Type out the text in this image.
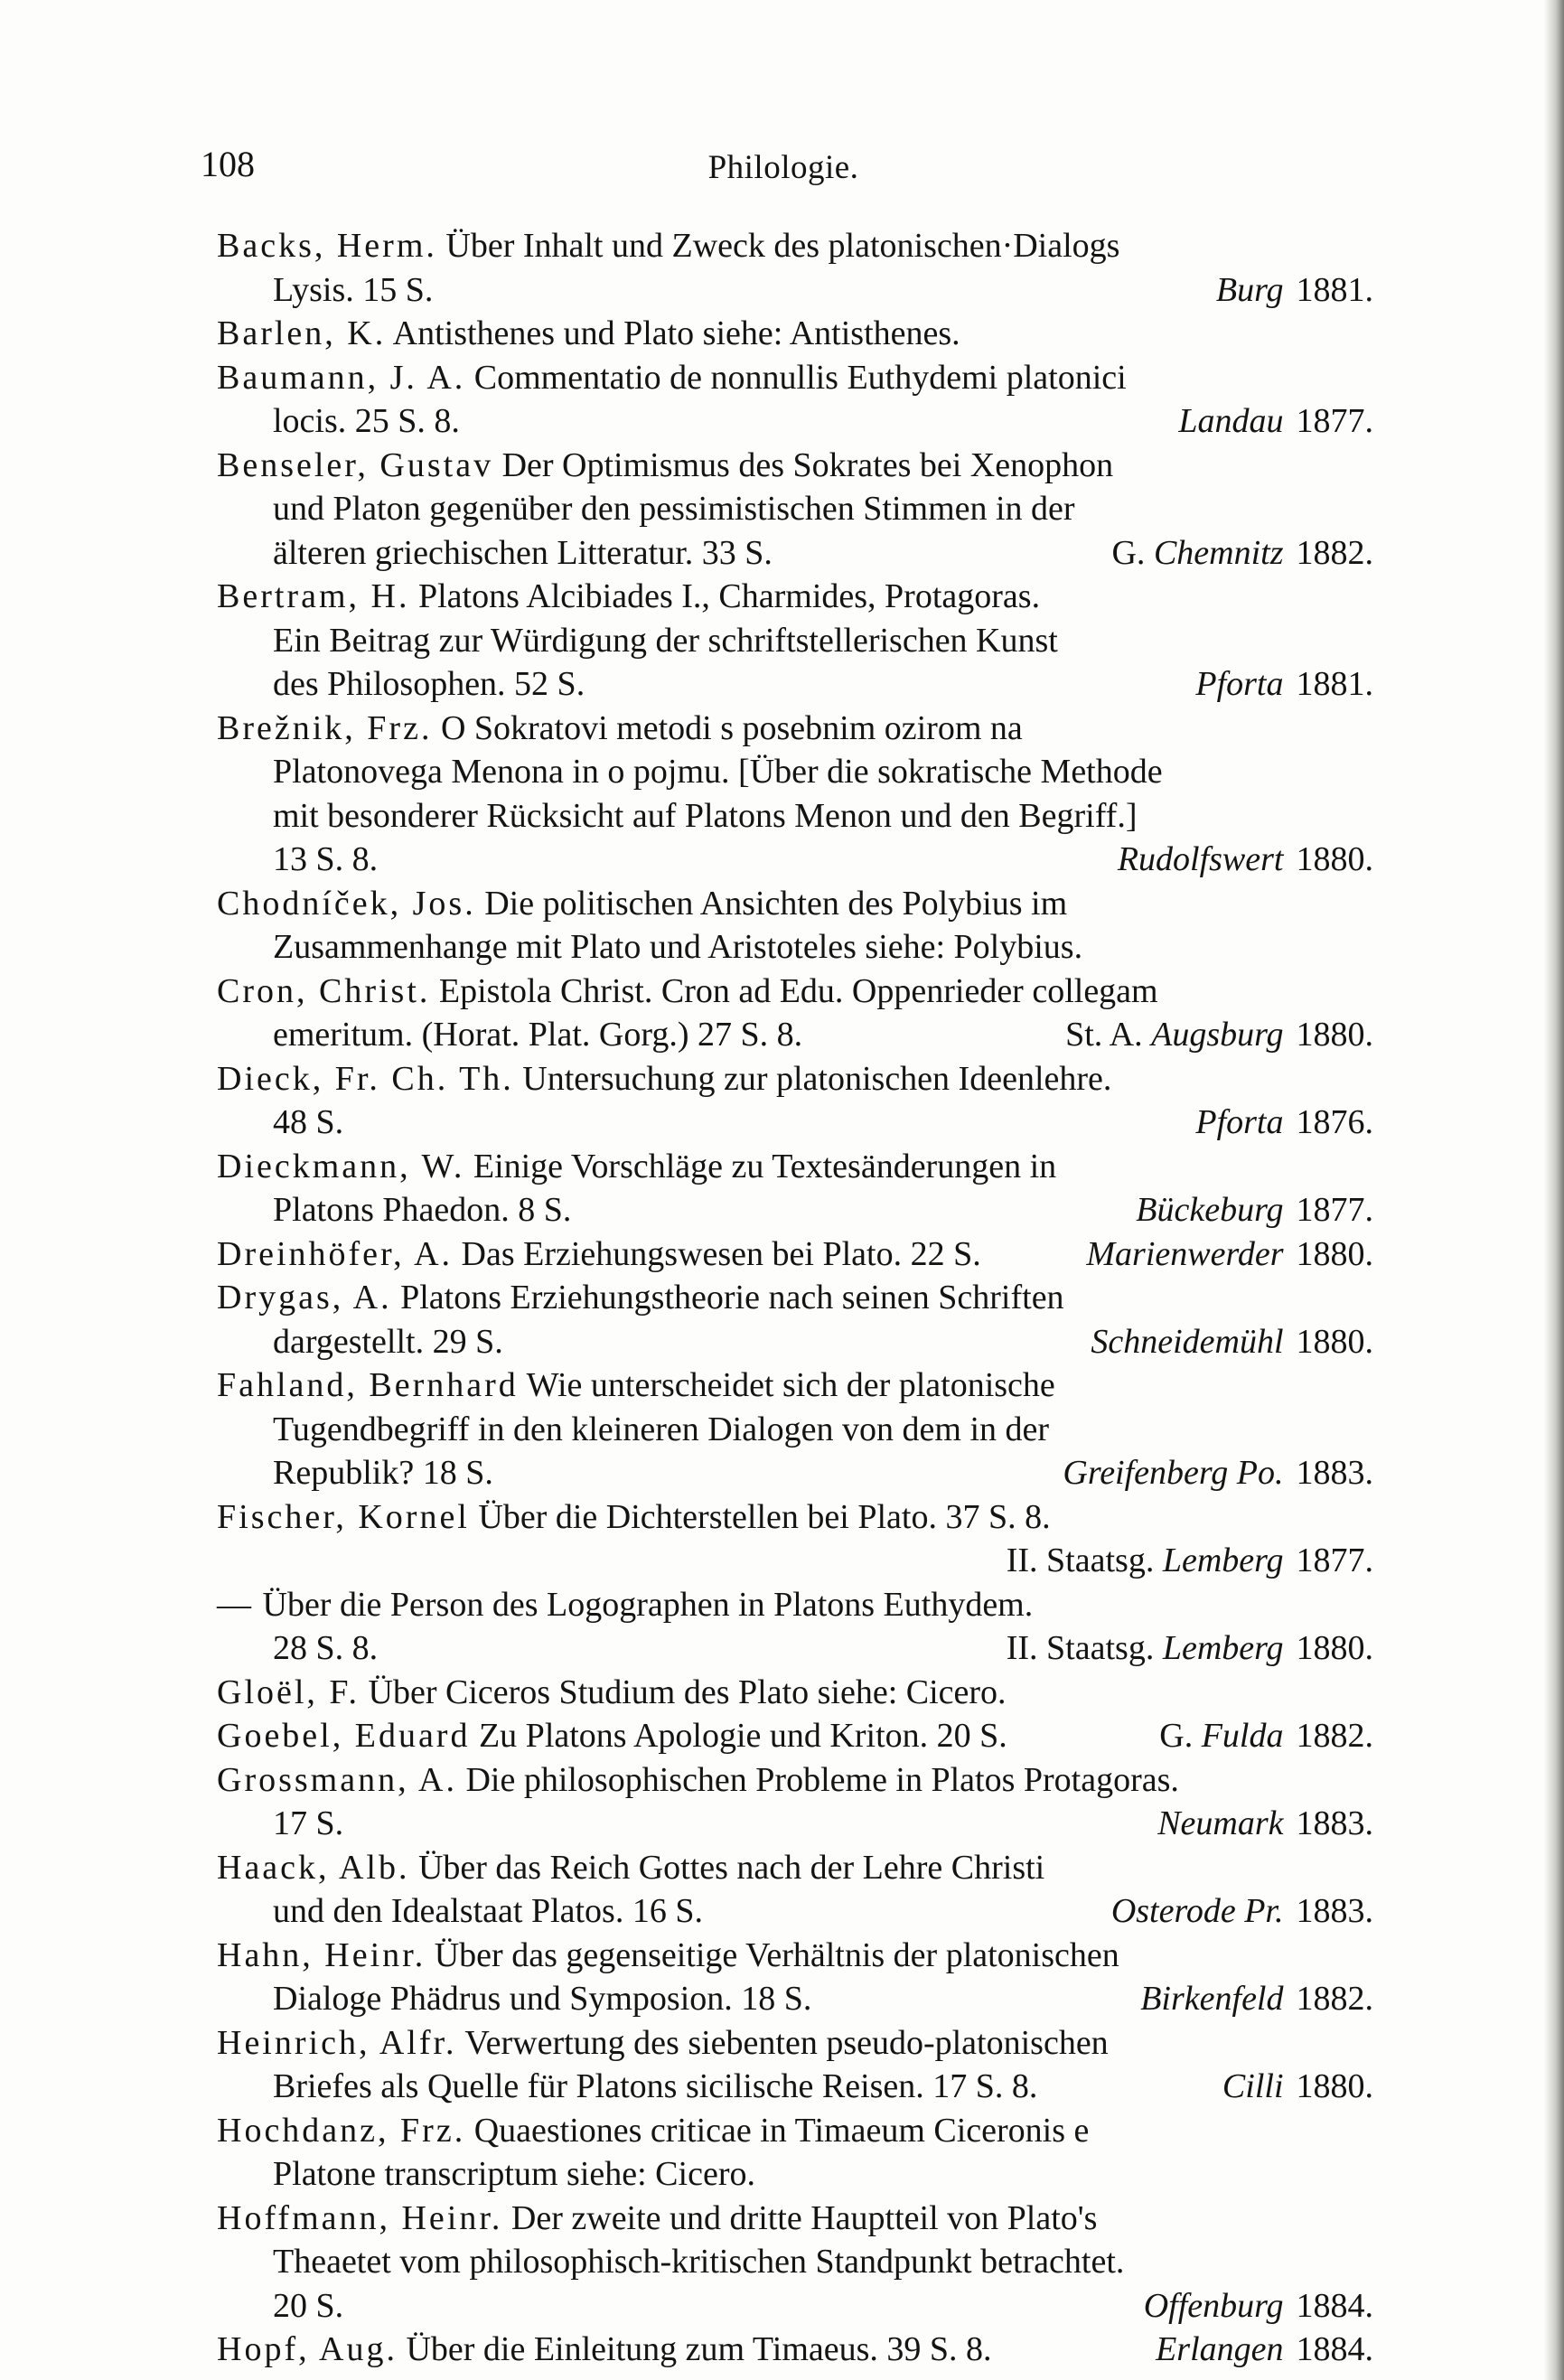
108	Philologie.
Backs, Herm. Über Inhalt und Zweck des platonischen·Dialogs
Lysis. 15 S.	Burg 1881.
Barlen, K. Antisthenes und Plato siehe: Antisthenes.
Baumann, J. A. Commentatio de nonnullis Euthydemi platonici
locis. 25 S. 8.	Landau 1877.
Benseler, Gustav Der Optimismus des Sokrates bei Xenophon
und Platon gegenüber den pessimistischen Stimmen in der
älteren griechischen Litteratur. 33 S.	G. Chemnitz 1882.
Bertram, H. Platons Alcibiades I., Charmides, Protagoras.
Ein Beitrag zur Würdigung der schriftstellerischen Kunst
des Philosophen. 52 S.	Pforta 1881.
Brežnik, Frz. O Sokratovi metodi s posebnim ozirom na
Platonovega Menona in o pojmu. [Über die sokratische Methode
mit besonderer Rücksicht auf Platons Menon und den Begriff.]
13 S. 8.	Rudolfswert 1880.
Chodníček, Jos. Die politischen Ansichten des Polybius im
Zusammenhange mit Plato und Aristoteles siehe: Polybius.
Cron, Christ. Epistola Christ. Cron ad Edu. Oppenrieder collegam
emeritum. (Horat. Plat. Gorg.) 27 S. 8.	St. A. Augsburg 1880.
Dieck, Fr. Ch. Th. Untersuchung zur platonischen Ideenlehre.
48 S.	Pforta 1876.
Dieckmann, W. Einige Vorschläge zu Textesänderungen in
Platons Phaedon. 8 S.	Bückeburg 1877.
Dreinhöfer, A. Das Erziehungswesen bei Plato. 22 S.	Marienwerder 1880.
Drygas, A. Platons Erziehungstheorie nach seinen Schriften
dargestellt. 29 S.	Schneidemühl 1880.
Fahland, Bernhard Wie unterscheidet sich der platonische
Tugendbegriff in den kleineren Dialogen von dem in der
Republik? 18 S.	Greifenberg Po. 1883.
Fischer, Kornel Über die Dichterstellen bei Plato. 37 S. 8.
II. Staatsg. Lemberg 1877.
— Über die Person des Logographen in Platons Euthydem.
28 S. 8.	II. Staatsg. Lemberg 1880.
Gloël, F. Über Ciceros Studium des Plato siehe: Cicero.
Goebel, Eduard Zu Platons Apologie und Kriton. 20 S.	G. Fulda 1882.
Grossmann, A. Die philosophischen Probleme in Platos Protagoras.
17 S.	Neumark 1883.
Haack, Alb. Über das Reich Gottes nach der Lehre Christi
und den Idealstaat Platos. 16 S.	Osterode Pr. 1883.
Hahn, Heinr. Über das gegenseitige Verhältnis der platonischen
Dialoge Phädrus und Symposion. 18 S.	Birkenfeld 1882.
Heinrich, Alfr. Verwertung des siebenten pseudo-platonischen
Briefes als Quelle für Platons sicilische Reisen. 17 S. 8.	Cilli 1880.
Hochdanz, Frz. Quaestiones criticae in Timaeum Ciceronis e
Platone transcriptum siehe: Cicero.
Hoffmann, Heinr. Der zweite und dritte Hauptteil von Plato's
Theaetet vom philosophisch-kritischen Standpunkt betrachtet.
20 S.	Offenburg 1884.
Hopf, Aug. Über die Einleitung zum Timaeus. 39 S. 8.	Erlangen 1884.
